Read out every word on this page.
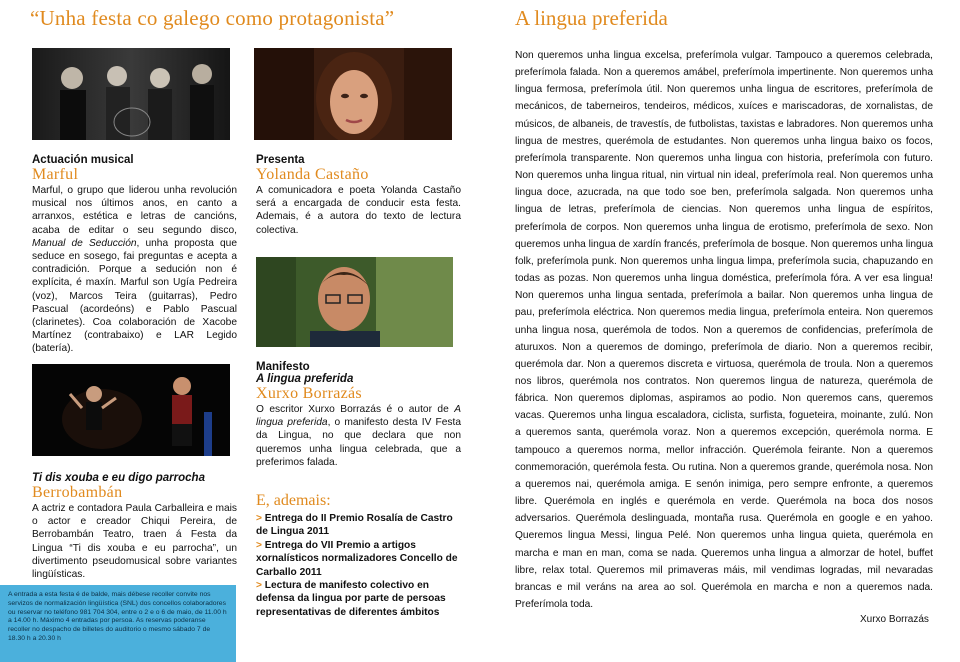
“Unha festa co galego como protagonista”
Actuación musical
Marful
Marful, o grupo que liderou unha revolución musical nos últimos anos, en canto a arranxos, estética e letras de cancións, acaba de editar o seu segundo disco, Manual de Seducción, unha proposta que seduce en sosego, fai preguntas e acepta a contradición. Porque a sedución non é explícita, é maxín. Marful son Ugía Pedreira (voz), Marcos Teira (guitarras), Pedro Pascual (acordeóns) e Pablo Pascual (clarinetes). Coa colaboración de Xacobe Martínez (contrabaixo) e LAR Legido (batería).
Presenta
Yolanda Castaño
A comunicadora e poeta Yolanda Castaño será a encargada de conducir esta festa. Ademais, é a autora do texto de lectura colectiva.
Manifesto
A lingua preferida
Xurxo Borrazás
O escritor Xurxo Borrazás é o autor de A lingua preferida, o manifesto desta IV Festa da Lingua, no que declara que non queremos unha lingua celebrada, que a preferimos falada.
Ti dis xouba e eu digo parrocha
Berrobambán
A actriz e contadora Paula Carballeira e mais o actor e creador Chiqui Pereira, de Berrobambán Teatro, traen á Festa da Lingua “Ti dis xouba e eu parrocha”, un divertimento pseudomusical sobre variantes lingüísticas.
A entrada a esta festa é de balde, mais débese recoller convite nos servizos de normalización lingüística (SNL) dos concellos colaboradores ou reservar no teléfono 981 704 304, entre o 2 e o 6 de maio, de 11.00 h a 14.00 h. Máximo 4 entradas por persoa. As reservas poderanse recoller no despacho de billetes do auditorio o mesmo sábado 7 de 18.30 h a 20.30 h
E, ademais:
> Entrega do II Premio Rosalía de Castro de Lingua 2011
> Entrega do VII Premio a artigos xornalísticos normalizadores Concello de Carballo 2011
> Lectura de manifesto colectivo en defensa da lingua por parte de persoas representativas de diferentes ámbitos
A lingua preferida
Non queremos unha lingua excelsa, preferímola vulgar. Tampouco a queremos celebrada, preferímola falada. Non a queremos amábel, preferímola impertinente. Non queremos unha lingua fermosa, preferímola útil. Non queremos unha lingua de escritores, preferímola de mecánicos, de taberneiros, tendeiros, médicos, xuíces e mariscadoras, de xornalistas, de músicos, de albaneis, de travestís, de futbolistas, taxistas e labradores. Non queremos unha lingua de mestres, querémola de estudantes. Non queremos unha lingua baixo os focos, preferímola transparente. Non queremos unha lingua con historia, preferímola con futuro. Non queremos unha lingua ritual, nin virtual nin ideal, preferímola real. Non queremos unha lingua doce, azucrada, na que todo soe ben, preferímola salgada. Non queremos unha lingua de letras, preferímola de ciencias. Non queremos unha lingua de espíritos, preferímola de corpos. Non queremos unha lingua de erotismo, preferímola de sexo. Non queremos unha lingua de xardín francés, preferímola de bosque. Non queremos unha lingua folk, preferímola punk. Non queremos unha lingua limpa, preferímola sucia, chapuzando en todas as pozas. Non queremos unha lingua doméstica, preferímola fóra. A ver esa lingua! Non queremos unha lingua sentada, preferímola a bailar. Non queremos unha lingua de pau, preferímola eléctrica. Non queremos media lingua, preferímola enteira. Non queremos unha lingua nosa, querémola de todos. Non a queremos de confidencias, preferímola de aturuxos. Non a queremos de domingo, preferímola de diario. Non a queremos recibir, querémola dar. Non a queremos discreta e virtuosa, querémola de troula. Non a queremos nos libros, querémola nos contratos. Non queremos lingua de natureza, querémola de fábrica. Non queremos diplomas, aspiramos ao podio. Non queremos cans, queremos vacas. Queremos unha lingua escaladora, ciclista, surfista, fogueteira, moinante, zulú. Non a queremos santa, querémola voraz. Non a queremos excepción, querémola norma. E tampouco a queremos norma, mellor infracción. Querémola feirante. Non a queremos conmemoración, querémola festa. Ou rutina. Non a queremos grande, querémola nosa. Non a queremos nai, querémola amiga. E senón inimiga, pero sempre enfronte, a queremos libre. Querémola en inglés e querémola en verde. Querémola na boca dos nosos adversarios. Querémola deslinguada, montaña rusa. Querémola en google e en yahoo. Queremos lingua Messi, lingua Pelé. Non queremos unha lingua quieta, querémola en marcha e man en man, coma se nada. Queremos unha lingua a almorzar de hotel, buffet libre, relax total. Queremos mil primaveras máis, mil vendimas logradas, mil nevaradas brancas e mil veráns na area ao sol. Querémola en marcha e non a queremos nada. Preferímola toda.
Xurxo Borrazás
